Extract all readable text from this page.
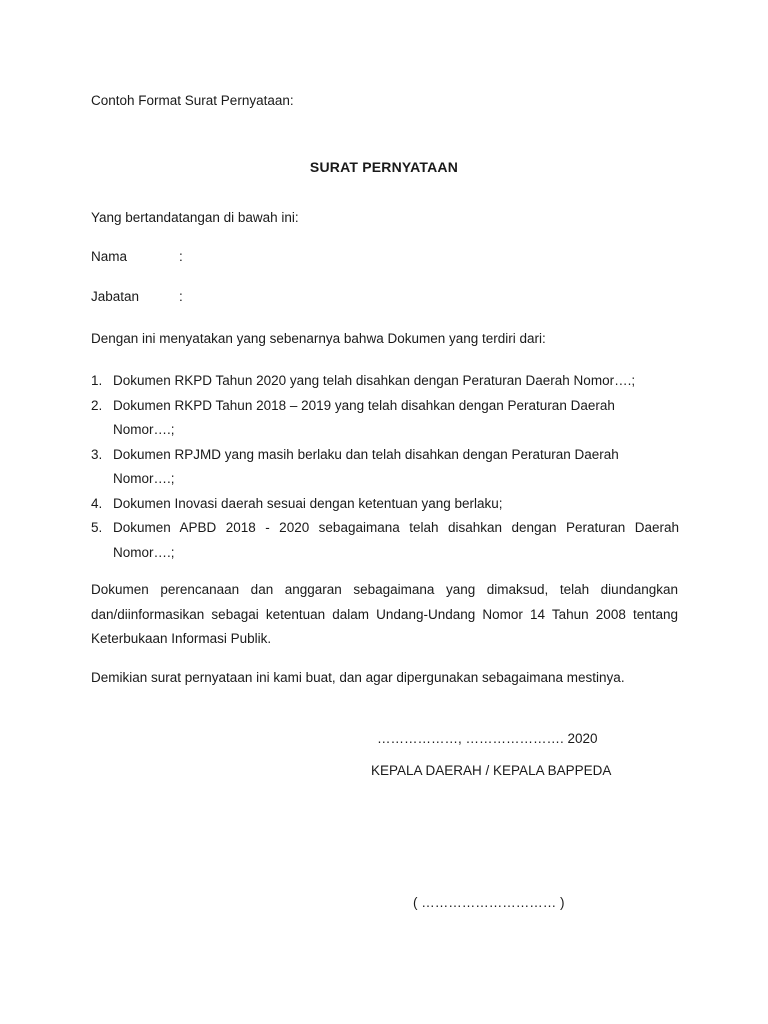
Contoh Format Surat Pernyataan:
SURAT PERNYATAAN
Yang bertandatangan di bawah ini:
Nama	:
Jabatan	:
Dengan ini menyatakan yang sebenarnya bahwa Dokumen yang terdiri dari:
1. Dokumen RKPD Tahun 2020 yang telah disahkan dengan Peraturan Daerah Nomor….;
2. Dokumen RKPD Tahun 2018 – 2019 yang telah disahkan dengan Peraturan Daerah Nomor….;
3. Dokumen RPJMD yang masih berlaku dan telah disahkan dengan Peraturan Daerah Nomor….;
4. Dokumen Inovasi daerah sesuai dengan ketentuan yang berlaku;
5. Dokumen APBD 2018 - 2020 sebagaimana telah disahkan dengan Peraturan Daerah Nomor….;
Dokumen perencanaan dan anggaran sebagaimana yang dimaksud, telah diundangkan dan/diinformasikan sebagai ketentuan dalam Undang-Undang Nomor 14 Tahun 2008 tentang Keterbukaan Informasi Publik.
Demikian surat pernyataan ini kami buat, dan agar dipergunakan sebagaimana mestinya.
………………, …………………. 2020
KEPALA DAERAH / KEPALA BAPPEDA
( ………………………… )
